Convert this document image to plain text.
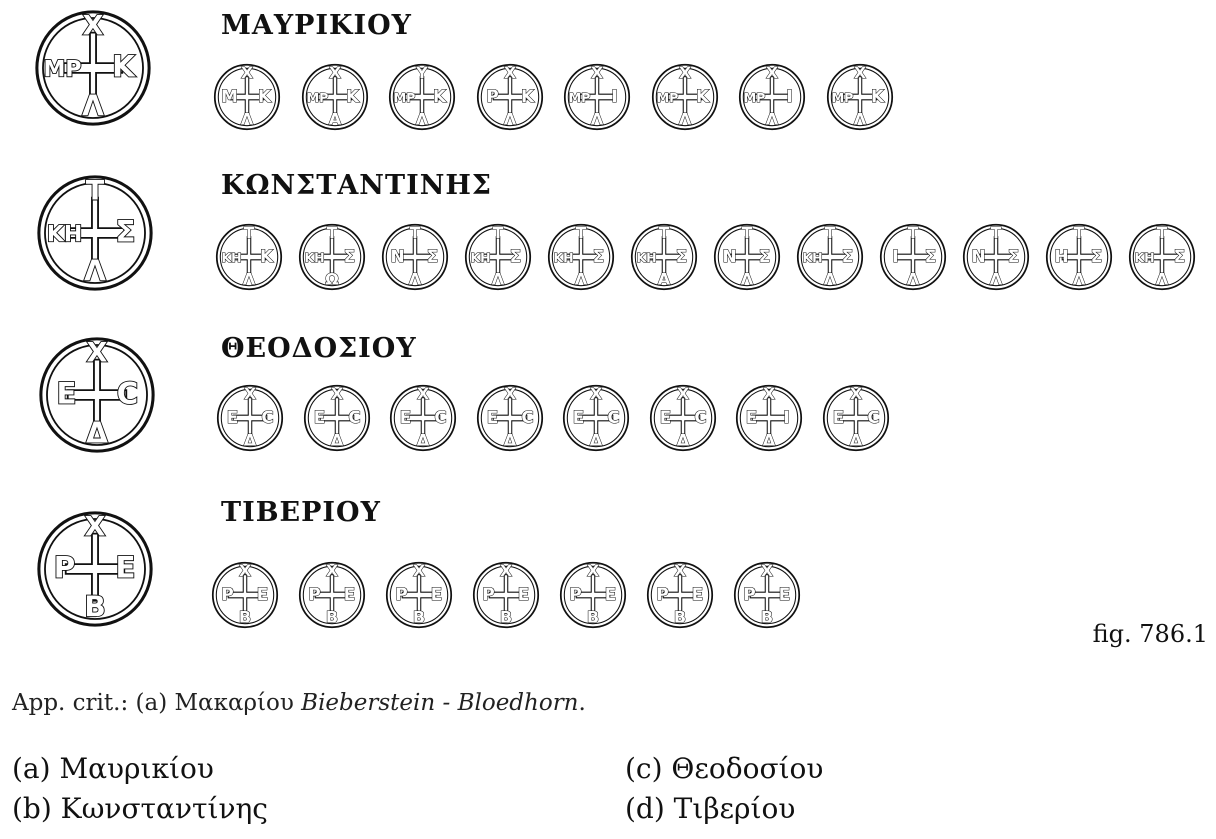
ΜΑΥΡΙΚΙΟΥ
ΚΩΝΣΤΑΝΤΙΝΗΣ
ΘΕΟΔΟΣΙΟΥ
ΤΙΒΕΡΙΟΥ
Χ
ΜΡ Κ
Λ
Χ
Μ Κ
Λ
Χ
ΜΡ Κ
Α
Υ
ΜΡ Κ
Λ
Χ
Ρ Κ
Λ
Χ
ΜΡ Ι
Λ
Χ
ΜΡ Κ
Λ
Χ
ΜΡ Ι
Λ
Χ
ΜΡ Κ
Λ
Τ
ΚΗ Σ
Λ
Τ
ΚΗ Κ
Λ
Τ
ΚΗ Σ
Ω
Τ
Ν Σ
Λ
Τ
ΚΗ Σ
Λ
Τ
ΚΗ Σ
Λ
Τ
ΚΗ Σ
Α
Τ
Ν Σ
Λ
Τ
ΚΗ Σ
Λ
Τ
Ι Σ
Λ
Τ
Ν Σ
Λ
Τ
Η Σ
Λ
Τ
ΚΗ Σ
Λ
Χ
Ε С
Δ
Χ
Ε С
Δ
Χ
Ε С
Δ
Χ
Ε С
Δ
Χ
Ε С
Δ
Χ
Ε С
Δ
Χ
Ε С
Δ
Χ
Ε Ι
Δ
Χ
Ε С
Δ
Χ
Ρ Ε
Β
Χ
Ρ Ε
Β
Χ
Ρ Ε
Β
Χ
Ρ Ε
Β
Χ
Ρ Ε
Β
Χ
Ρ Ε
Β
Χ
Ρ Ε
Β
Χ
Ρ Ε
Β
fig. 786.1
App. crit.: (a) Μακαρίου Bieberstein - Bloedhorn.
(a) Μαυρικίου
(b) Κωνσταντίνης
(c) Θεοδοσίου
(d) Τιβερίου
